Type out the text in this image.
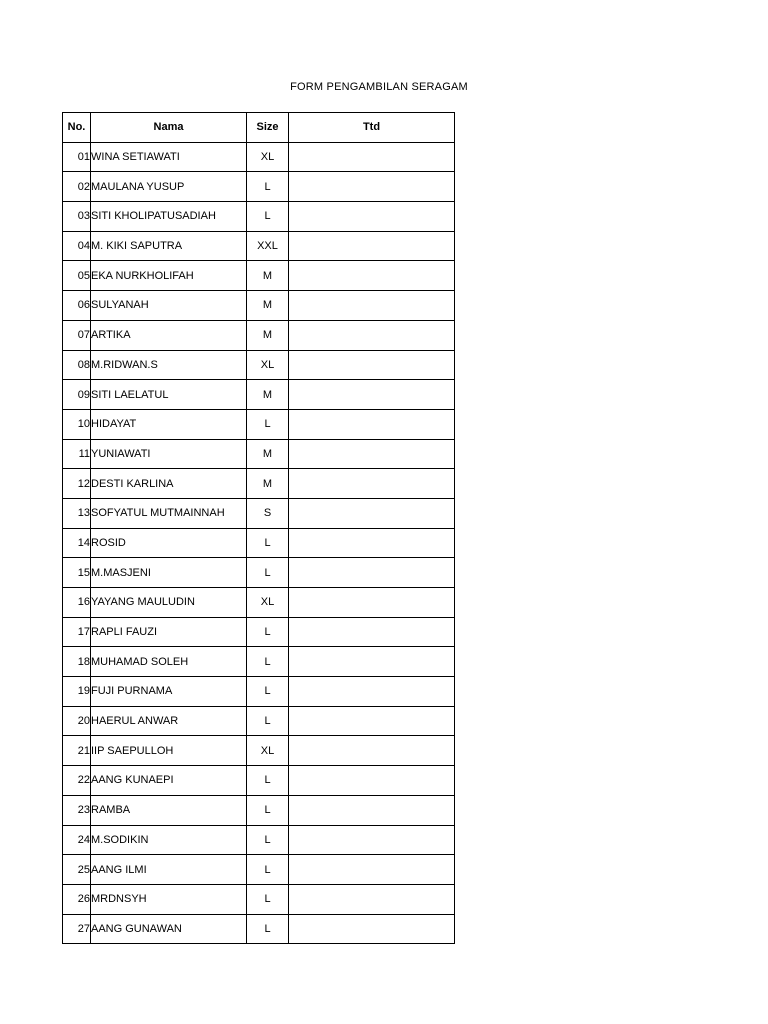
FORM PENGAMBILAN SERAGAM
No.	Nama	Size	Ttd
01	WINA SETIAWATI	XL	
02	MAULANA YUSUP	L	
03	SITI KHOLIPATUSADIAH	L	
04	M. KIKI SAPUTRA	XXL	
05	EKA NURKHOLIFAH	M	
06	SULYANAH	M	
07	ARTIKA	M	
08	M.RIDWAN.S	XL	
09	SITI LAELATUL	M	
10	HIDAYAT	L	
11	YUNIAWATI	M	
12	DESTI KARLINA	M	
13	SOFYATUL MUTMAINNAH	S	
14	ROSID	L	
15	M.MASJENI	L	
16	YAYANG MAULUDIN	XL	
17	RAPLI FAUZI	L	
18	MUHAMAD SOLEH	L	
19	FUJI PURNAMA	L	
20	HAERUL ANWAR	L	
21	IIP SAEPULLOH	XL	
22	AANG KUNAEPI	L	
23	RAMBA	L	
24	M.SODIKIN	L	
25	AANG ILMI	L	
26	MRDNSYH	L	
27	AANG GUNAWAN	L	
